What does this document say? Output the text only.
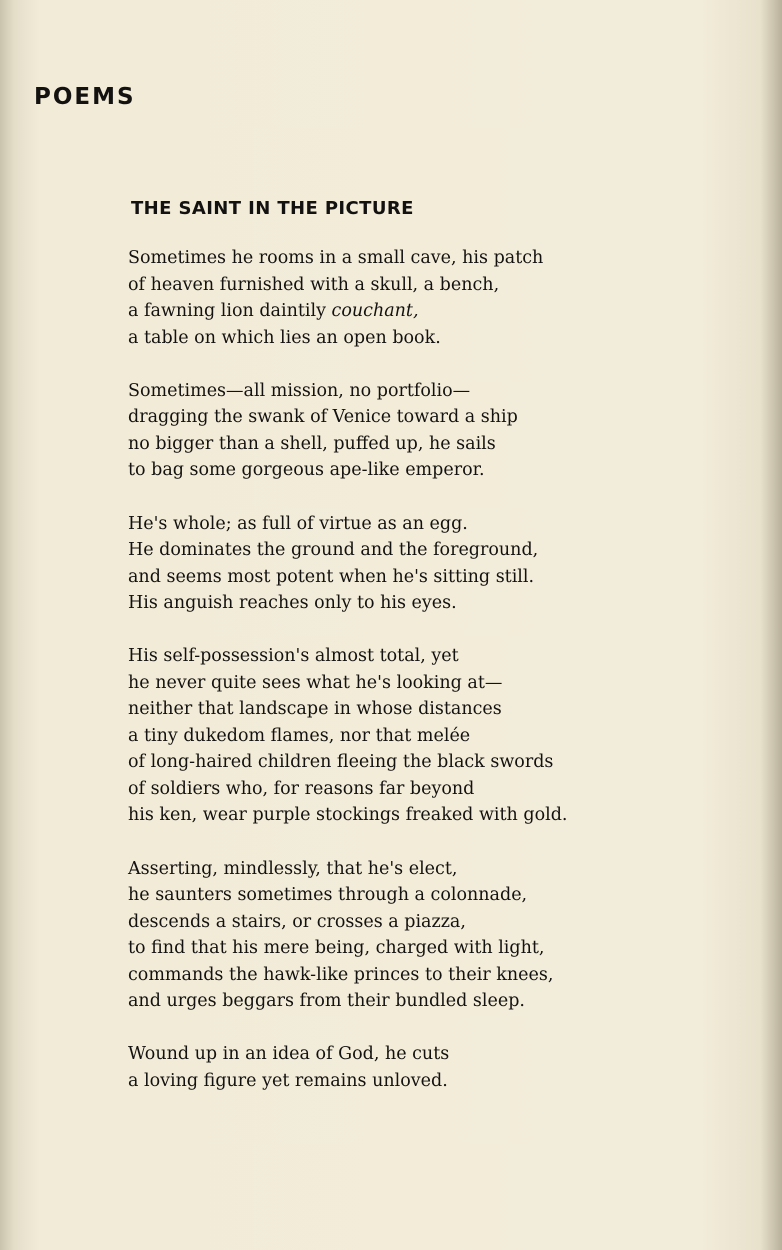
POEMS
THE SAINT IN THE PICTURE
Sometimes he rooms in a small cave, his patch
of heaven furnished with a skull, a bench,
a fawning lion daintily couchant,
a table on which lies an open book.
Sometimes—all mission, no portfolio—
dragging the swank of Venice toward a ship
no bigger than a shell, puffed up, he sails
to bag some gorgeous ape-like emperor.
He's whole; as full of virtue as an egg.
He dominates the ground and the foreground,
and seems most potent when he's sitting still.
His anguish reaches only to his eyes.
His self-possession's almost total, yet
he never quite sees what he's looking at—
neither that landscape in whose distances
a tiny dukedom flames, nor that melée
of long-haired children fleeing the black swords
of soldiers who, for reasons far beyond
his ken, wear purple stockings freaked with gold.
Asserting, mindlessly, that he's elect,
he saunters sometimes through a colonnade,
descends a stairs, or crosses a piazza,
to find that his mere being, charged with light,
commands the hawk-like princes to their knees,
and urges beggars from their bundled sleep.
Wound up in an idea of God, he cuts
a loving figure yet remains unloved.
